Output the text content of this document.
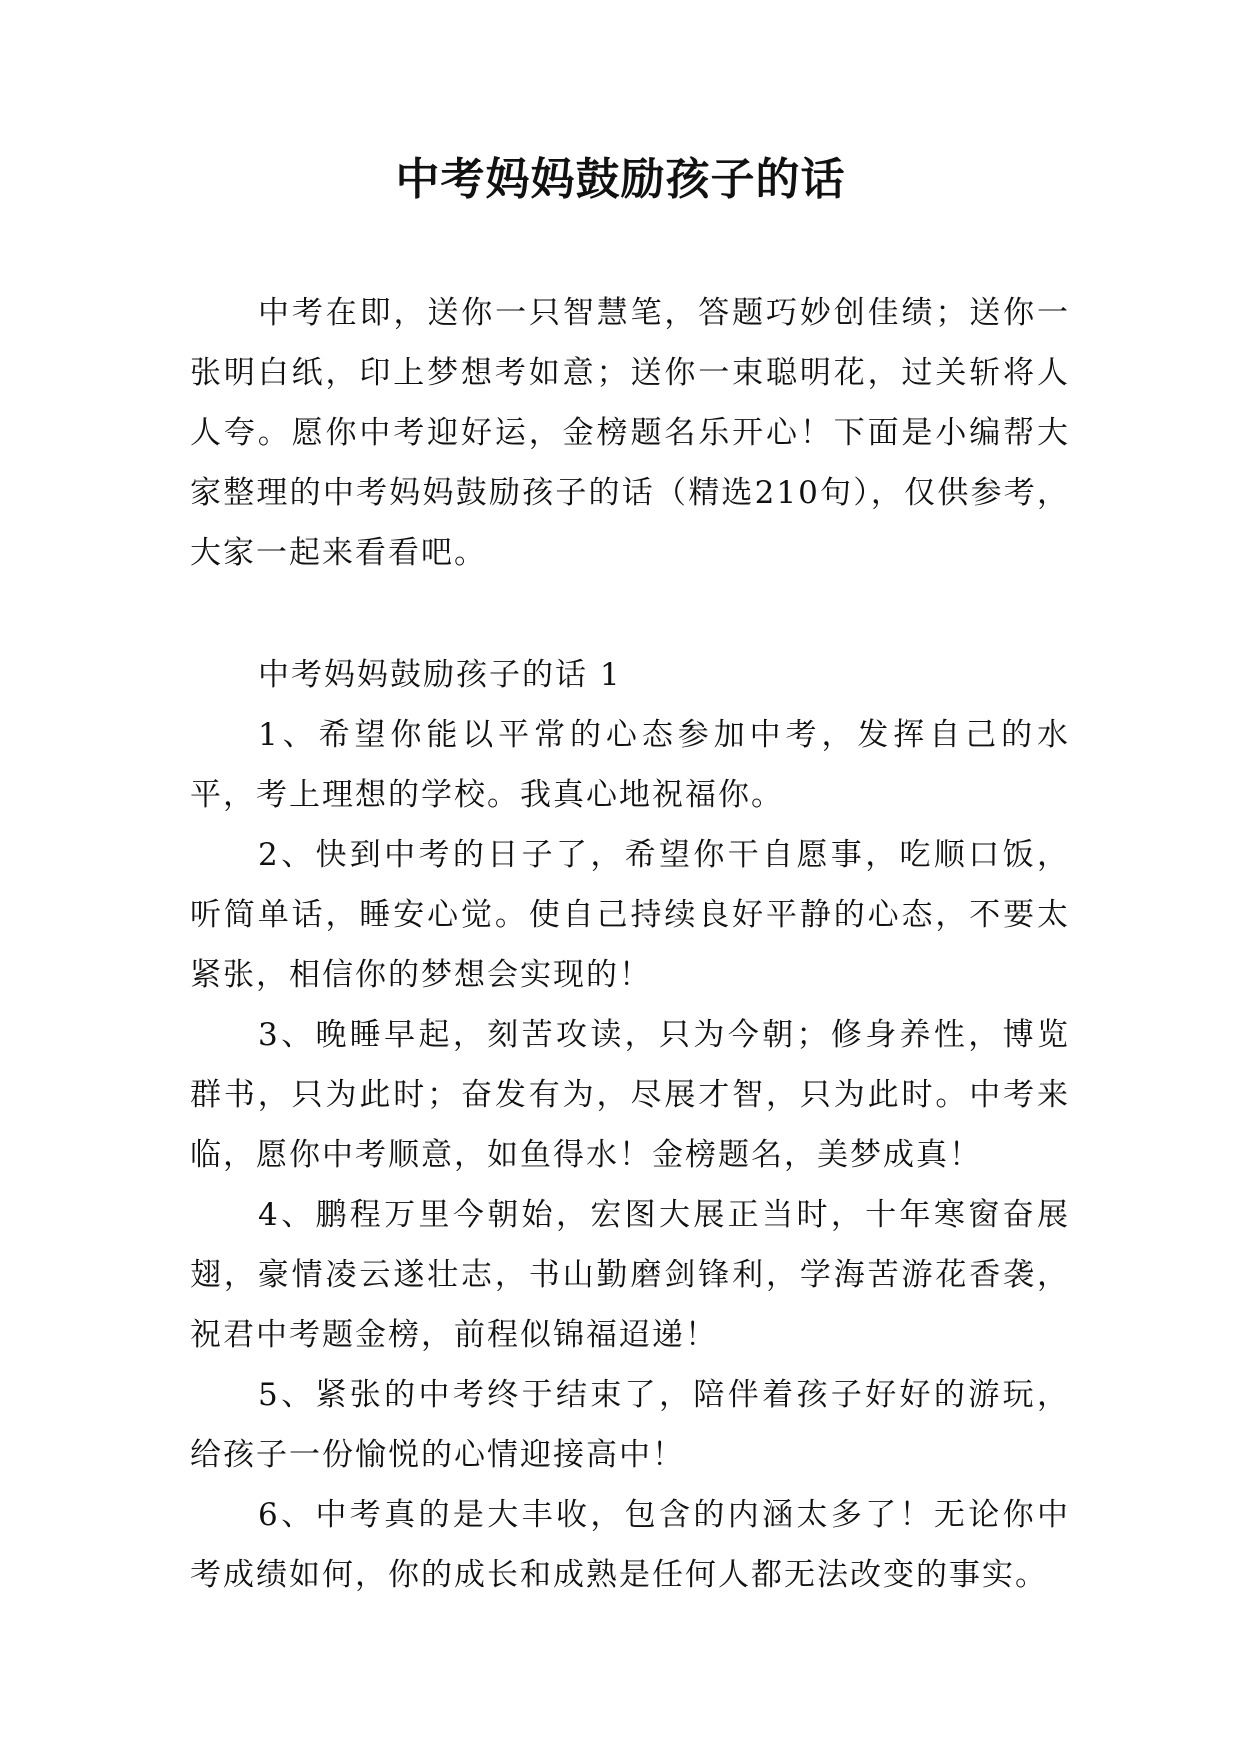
中考妈妈鼓励孩子的话

中考在即，送你一只智慧笔，答题巧妙创佳绩；送你一张明白纸，印上梦想考如意；送你一束聪明花，过关斩将人人夸。愿你中考迎好运，金榜题名乐开心！下面是小编帮大家整理的中考妈妈鼓励孩子的话（精选210句），仅供参考，大家一起来看看吧。

中考妈妈鼓励孩子的话 1

1、希望你能以平常的心态参加中考，发挥自己的水平，考上理想的学校。我真心地祝福你。

2、快到中考的日子了，希望你干自愿事，吃顺口饭，听简单话，睡安心觉。使自己持续良好平静的心态，不要太紧张，相信你的梦想会实现的！

3、晚睡早起，刻苦攻读，只为今朝；修身养性，博览群书，只为此时；奋发有为，尽展才智，只为此时。中考来临，愿你中考顺意，如鱼得水！金榜题名，美梦成真！

4、鹏程万里今朝始，宏图大展正当时，十年寒窗奋展翅，豪情凌云遂壮志，书山勤磨剑锋利，学海苦游花香袭，祝君中考题金榜，前程似锦福迢递！

5、紧张的中考终于结束了，陪伴着孩子好好的游玩，给孩子一份愉悦的心情迎接高中！

6、中考真的是大丰收，包含的内涵太多了！无论你中考成绩如何，你的成长和成熟是任何人都无法改变的事实。
